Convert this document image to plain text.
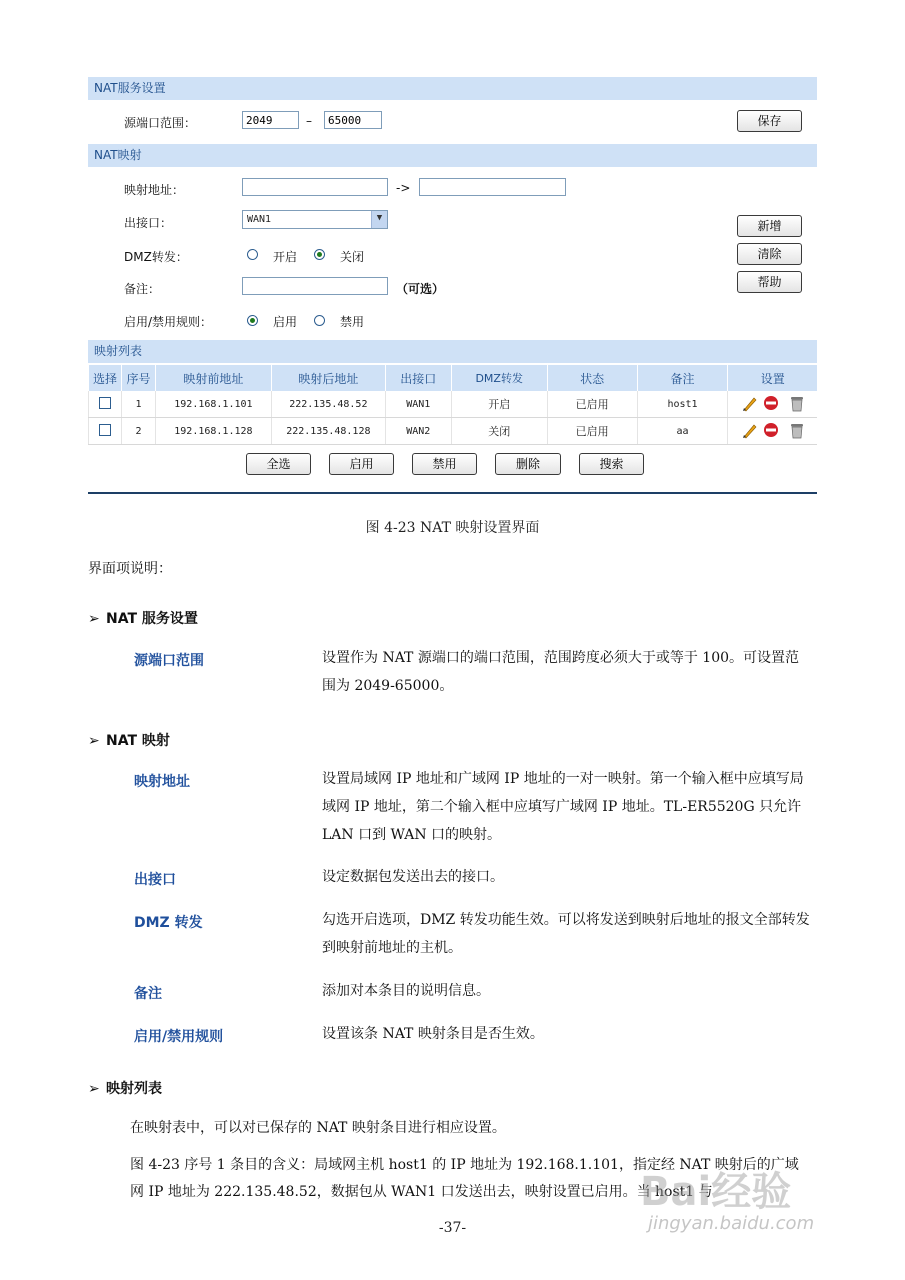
NAT服务设置
源端口范围：	2049	–	65000	保存
NAT映射
映射地址：	->
出接口：	WAN1	▼
DMZ转发：	开启	关闭
备注：	（可选）
启用/禁用规则：	启用	禁用
新增
清除
帮助
映射列表
选择	序号	映射前地址	映射后地址	出接口	DMZ转发	状态	备注	设置

	1	192.168.1.101	222.135.48.52	WAN1	开启	已启用	host1	

	2	192.168.1.128	222.135.48.128	WAN2	关闭	已启用	aa	
全选	启用	禁用	删除	搜索
图 4-23 NAT 映射设置界面
界面项说明：
➢ NAT 服务设置
源端口范围	设置作为 NAT 源端口的端口范围，范围跨度必须大于或等于 100。可设置范围为 2049-65000。
➢ NAT 映射
映射地址	设置局域网 IP 地址和广域网 IP 地址的一对一映射。第一个输入框中应填写局域网 IP 地址，第二个输入框中应填写广域网 IP 地址。TL-ER5520G 只允许 LAN 口到 WAN 口的映射。
出接口	设定数据包发送出去的接口。
DMZ 转发	勾选开启选项，DMZ 转发功能生效。可以将发送到映射后地址的报文全部转发到映射前地址的主机。
备注	添加对本条目的说明信息。
启用/禁用规则	设置该条 NAT 映射条目是否生效。
➢ 映射列表
在映射表中，可以对已保存的 NAT 映射条目进行相应设置。
图 4-23 序号 1 条目的含义：局域网主机 host1 的 IP 地址为 192.168.1.101，指定经 NAT 映射后的广域网 IP 地址为 222.135.48.52，数据包从 WAN1 口发送出去，映射设置已启用。当 host1 与
-37-
Bai经验
jingyan.baidu.com
